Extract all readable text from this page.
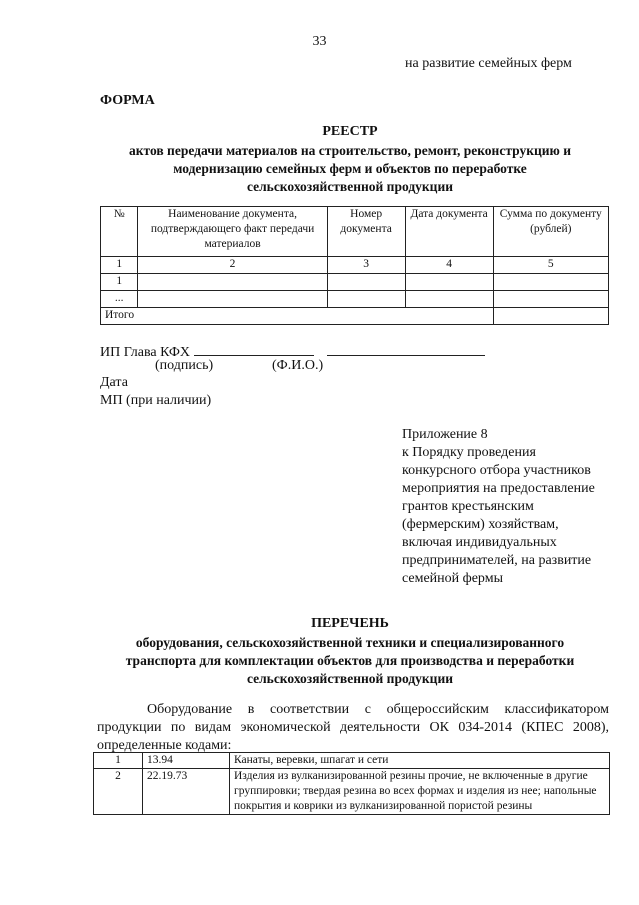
33
на развитие семейных ферм
ФОРМА
РЕЕСТР
актов передачи материалов на строительство, ремонт, реконструкцию и
модернизацию семейных ферм и объектов по переработке
сельскохозяйственной продукции
№	Наименование документа, подтверждающего факт передачи материалов	Номер документа	Дата документа	Сумма по документу (рублей)
1	2	3	4	5
1				
...				
Итого				
ИП Глава КФХ
(подпись)	(Ф.И.О.)
Дата
МП (при наличии)
Приложение 8
к Порядку проведения
конкурсного отбора участников
мероприятия на предоставление
грантов крестьянским
(фермерским) хозяйствам,
включая индивидуальных
предпринимателей, на развитие
семейной фермы
ПЕРЕЧЕНЬ
оборудования, сельскохозяйственной техники и специализированного
транспорта для комплектации объектов для производства и переработки
сельскохозяйственной продукции
Оборудование в соответствии с общероссийским классификатором продукции по видам экономической деятельности ОК 034-2014 (КПЕС 2008), определенные кодами:
1	13.94	Канаты, веревки, шпагат и сети
2	22.19.73	Изделия из вулканизированной резины прочие, не включенные в другие группировки; твердая резина во всех формах и изделия из нее; напольные покрытия и коврики из вулканизированной пористой резины
